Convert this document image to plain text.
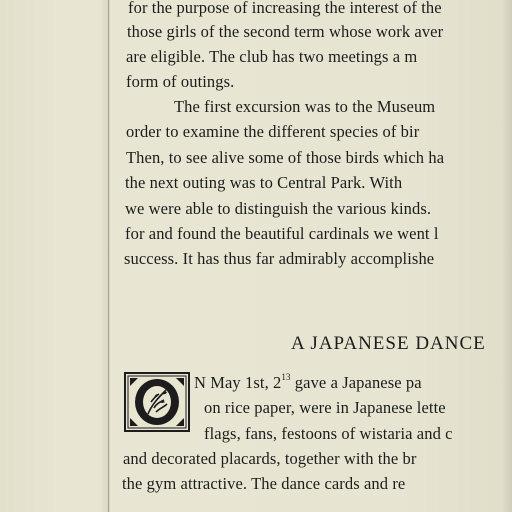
for the purpose of increasing the interest of the
those girls of the second term whose work aver
are eligible. The club has two meetings a m
form of outings.
The first excursion was to the Museum
order to examine the different species of bir
Then, to see alive some of those birds which ha
the next outing was to Central Park. With
we were able to distinguish the various kinds.
for and found the beautiful cardinals we went l
success. It has thus far admirably accomplishe
A JAPANESE DANCE
N May 1st, $2^{13}$ gave a Japanese pa
on rice paper, were in Japanese lette
flags, fans, festoons of wistaria and c
and decorated placards, together with the br
the gym attractive. The dance cards and re
